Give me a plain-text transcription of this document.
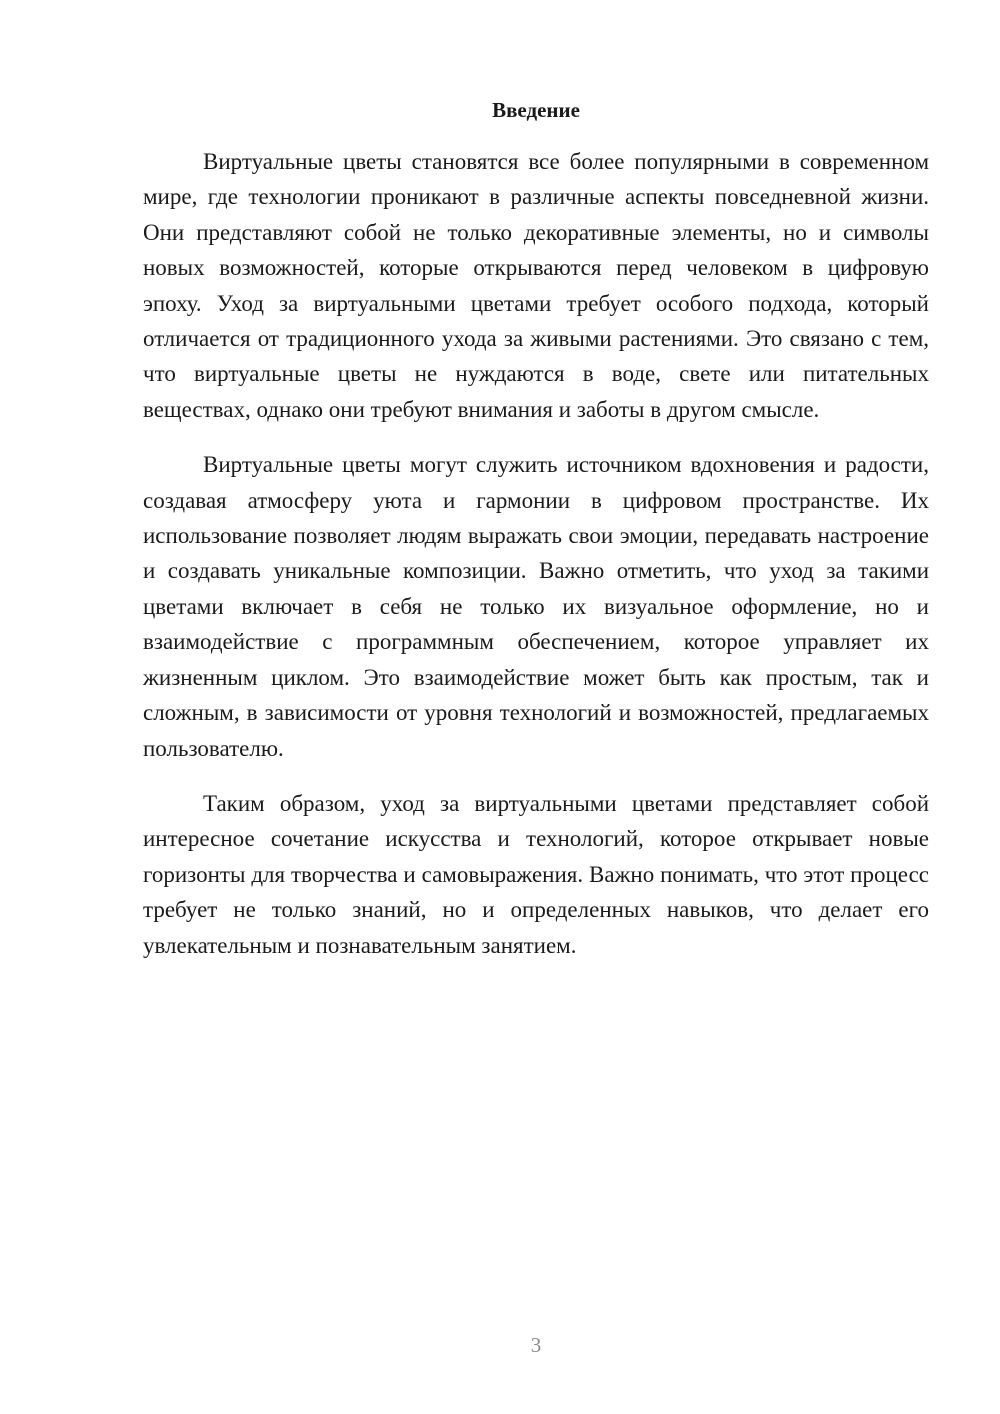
Введение

Виртуальные цветы становятся все более популярными в современном мире, где технологии проникают в различные аспекты повседневной жизни. Они представляют собой не только декоративные элементы, но и символы новых возможностей, которые открываются перед человеком в цифровую эпоху. Уход за виртуальными цветами требует особого подхода, который отличается от традиционного ухода за живыми растениями. Это связано с тем, что виртуальные цветы не нуждаются в воде, свете или питательных веществах, однако они требуют внимания и заботы в другом смысле.

Виртуальные цветы могут служить источником вдохновения и радости, создавая атмосферу уюта и гармонии в цифровом пространстве. Их использование позволяет людям выражать свои эмоции, передавать настроение и создавать уникальные композиции. Важно отметить, что уход за такими цветами включает в себя не только их визуальное оформление, но и взаимодействие с программным обеспечением, которое управляет их жизненным циклом. Это взаимодействие может быть как простым, так и сложным, в зависимости от уровня технологий и возможностей, предлагаемых пользователю.

Таким образом, уход за виртуальными цветами представляет собой интересное сочетание искусства и технологий, которое открывает новые горизонты для творчества и самовыражения. Важно понимать, что этот процесс требует не только знаний, но и определенных навыков, что делает его увлекательным и познавательным занятием.

3
